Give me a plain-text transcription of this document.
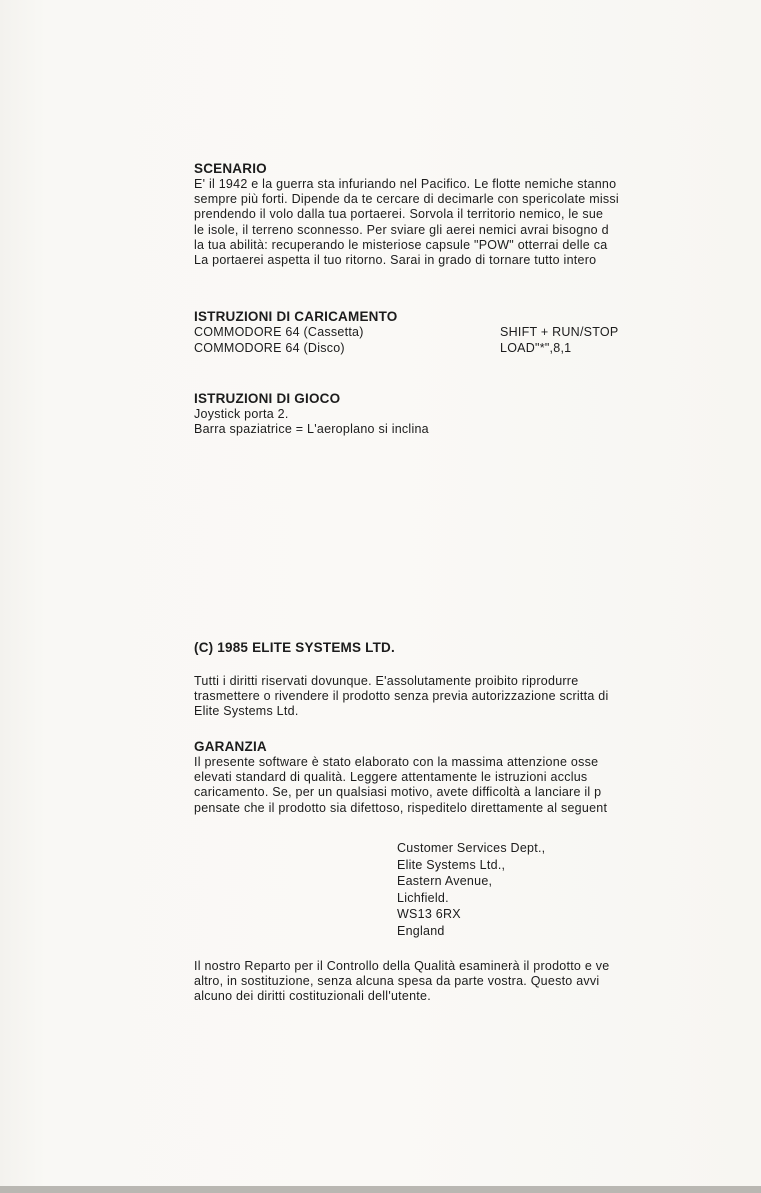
SCENARIO
E' il 1942 e la guerra sta infuriando nel Pacifico. Le flotte nemiche stanno
sempre più forti. Dipende da te cercare di decimarle con spericolate missi
prendendo il volo dalla tua portaerei. Sorvola il territorio nemico, le sue
le isole, il terreno sconnesso. Per sviare gli aerei nemici avrai bisogno d
la tua abilità: recuperando le misteriose capsule "POW" otterrai delle ca
La portaerei aspetta il tuo ritorno. Sarai in grado di tornare tutto intero
ISTRUZIONI DI CARICAMENTO
COMMODORE 64 (Cassetta)	SHIFT + RUN/STOP
COMMODORE 64 (Disco)	LOAD"*",8,1
ISTRUZIONI DI GIOCO
Joystick porta 2.
Barra spaziatrice = L'aeroplano si inclina
(C) 1985 ELITE SYSTEMS LTD.
Tutti i diritti riservati dovunque. E'assolutamente proibito riprodurre
trasmettere o rivendere il prodotto senza previa autorizzazione scritta di
Elite Systems Ltd.
GARANZIA
Il presente software è stato elaborato con la massima attenzione osse
elevati standard di qualità. Leggere attentamente le istruzioni acclus
caricamento. Se, per un qualsiasi motivo, avete difficoltà a lanciare il p
pensate che il prodotto sia difettoso, rispeditelo direttamente al seguent
Customer Services Dept.,
Elite Systems Ltd.,
Eastern Avenue,
Lichfield.
WS13 6RX
England
Il nostro Reparto per il Controllo della Qualità esaminerà il prodotto e ve
altro, in sostituzione, senza alcuna spesa da parte vostra. Questo avvi
alcuno dei diritti costituzionali dell'utente.
